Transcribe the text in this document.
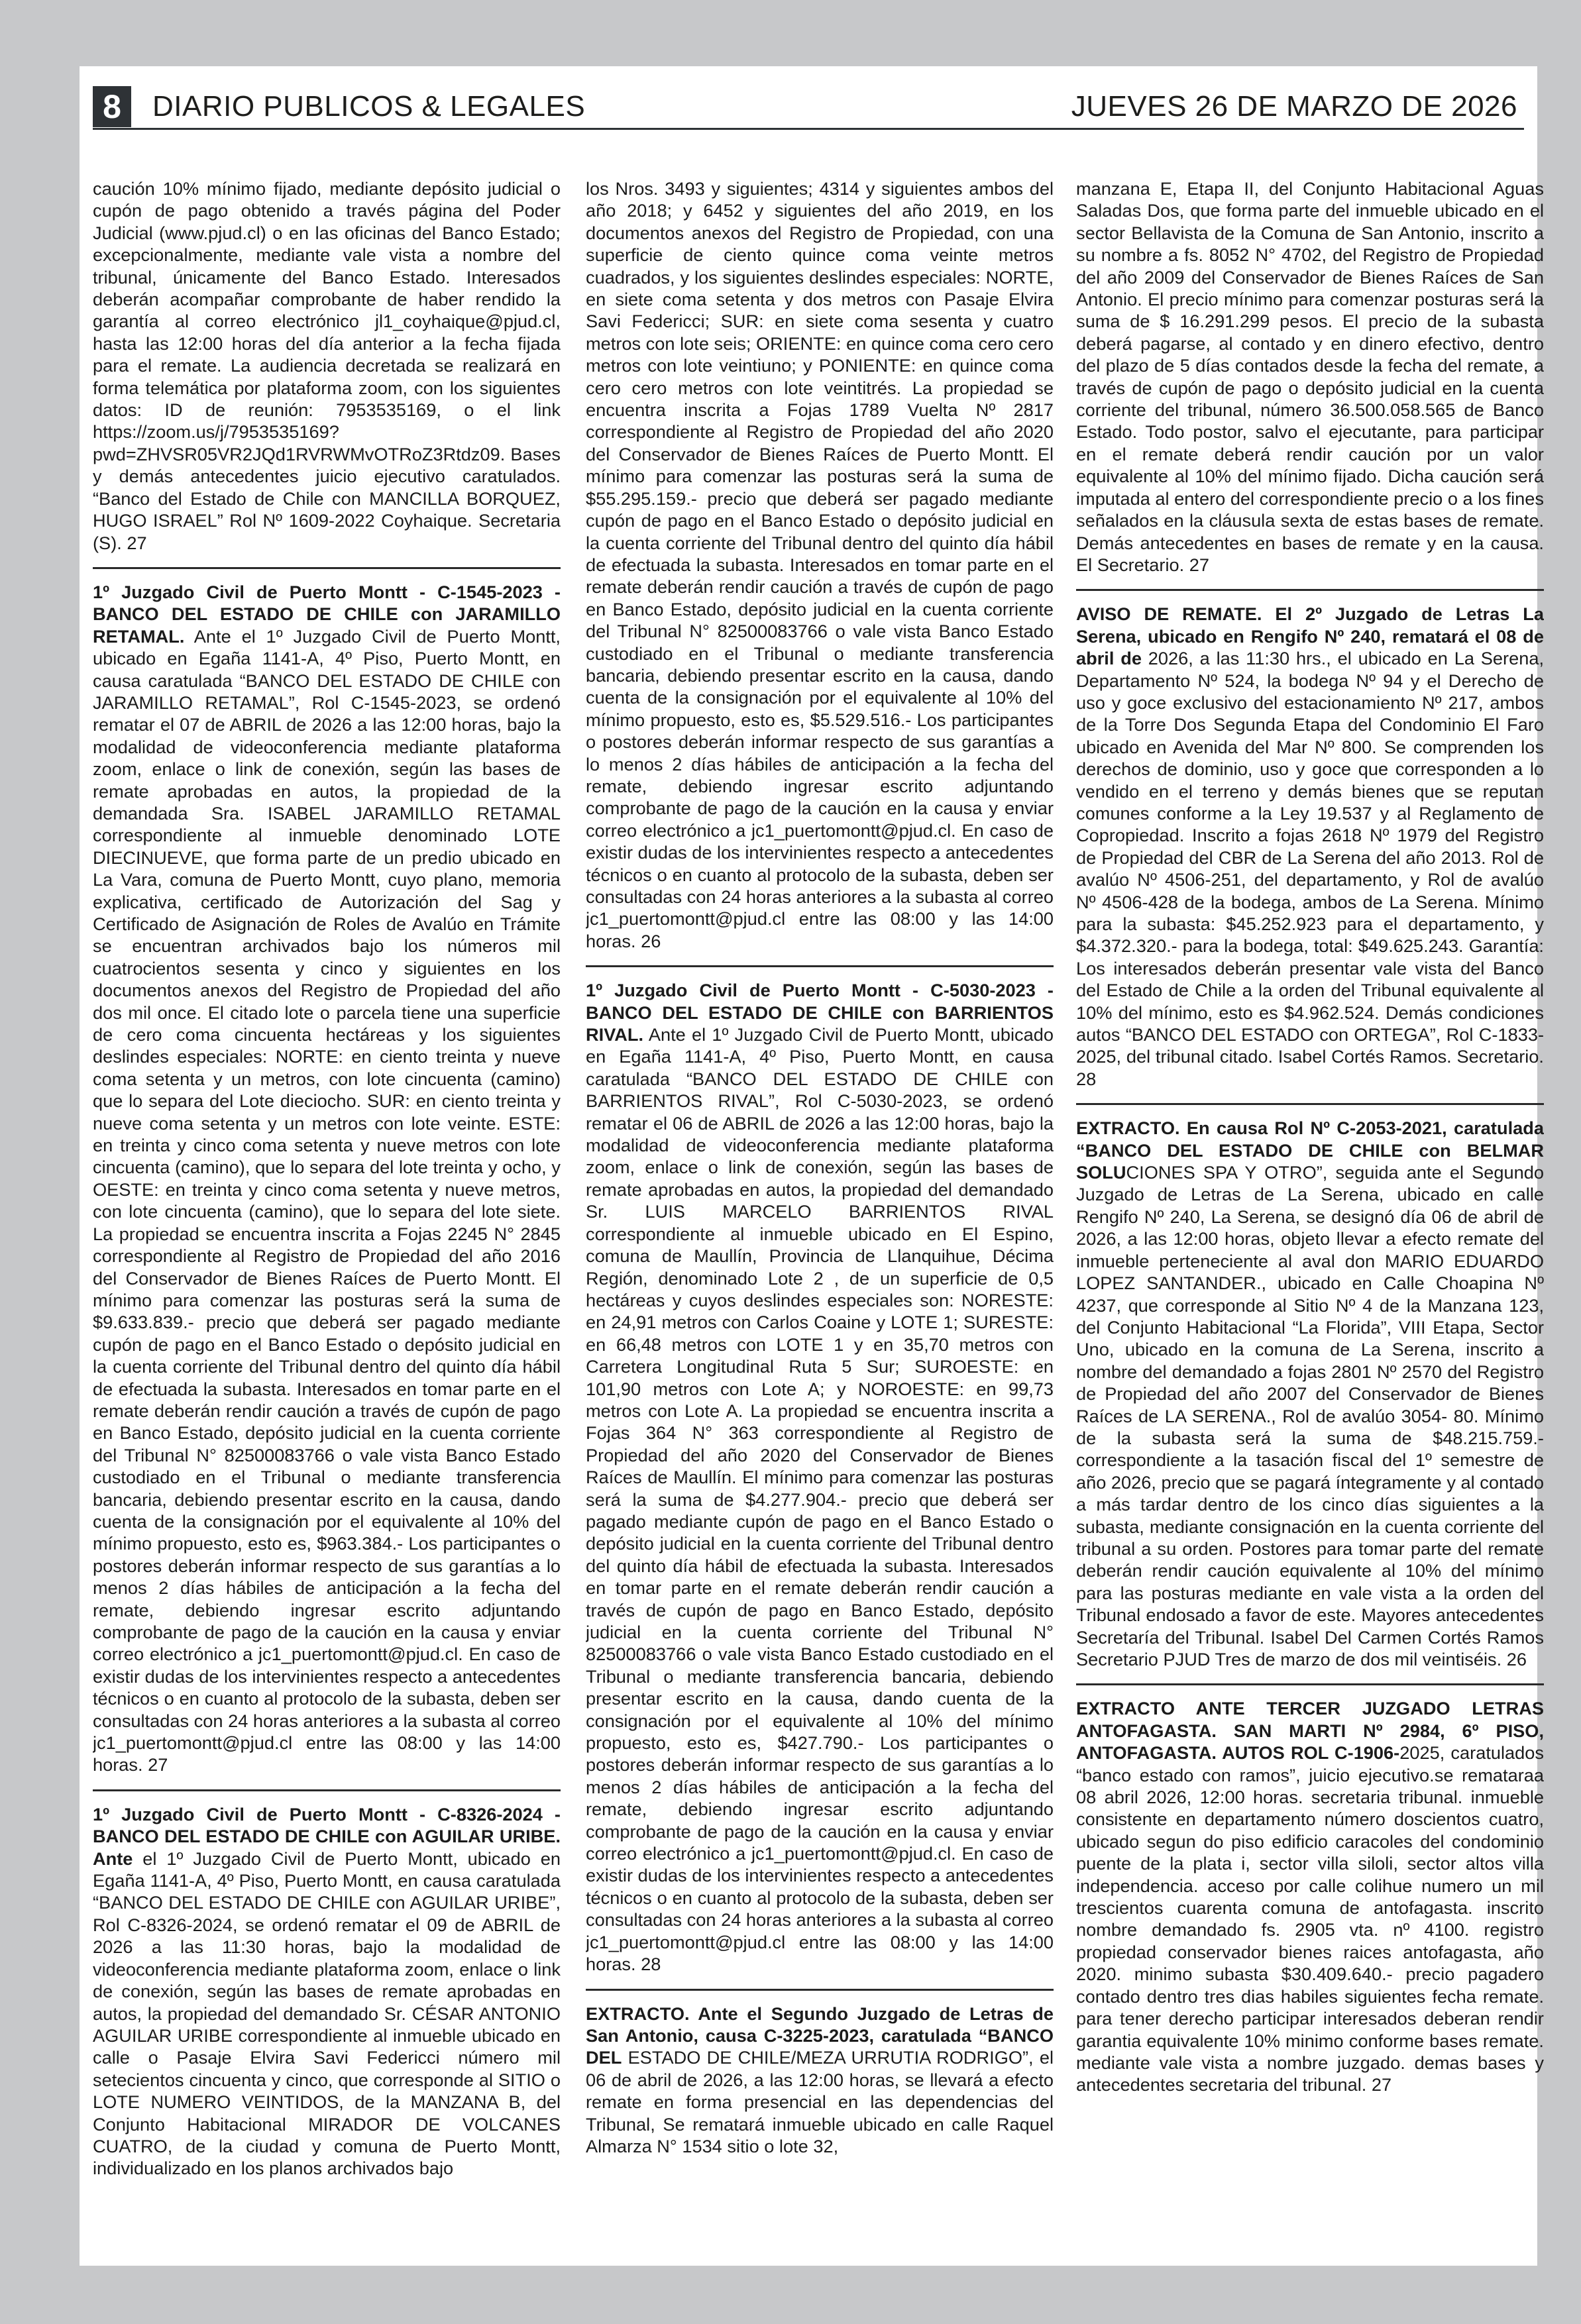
8	DIARIO PUBLICOS & LEGALES	JUEVES 26 DE MARZO DE 2026

caución 10% mínimo fijado, mediante depósito judicial o cupón de pago obtenido a través página del Poder Judicial (www.pjud.cl) o en las oficinas del Banco Estado; excepcionalmente, mediante vale vista a nombre del tribunal, únicamente del Banco Estado. Interesados deberán acompañar comprobante de haber rendido la garantía al correo electrónico jl1_coyhaique@pjud.cl, hasta las 12:00 horas del día anterior a la fecha fijada para el remate. La audiencia decretada se realizará en forma telemática por plataforma zoom, con los siguientes datos: ID de reunión: 7953535169, o el link https://zoom.us/j/7953535169?pwd=ZHVSR05VR2JQd1RVRWMvOTRoZ3Rtdz09. Bases y demás antecedentes juicio ejecutivo caratulados. “Banco del Estado de Chile con MANCILLA BORQUEZ, HUGO ISRAEL” Rol Nº 1609-2022 Coyhaique. Secretaria (S). 27

1º Juzgado Civil de Puerto Montt - C-1545-2023 - BANCO DEL ESTADO DE CHILE con JARAMILLO RETAMAL. Ante el 1º Juzgado Civil de Puerto Montt, ubicado en Egaña 1141-A, 4º Piso, Puerto Montt, en causa caratulada “BANCO DEL ESTADO DE CHILE con JARAMILLO RETAMAL”, Rol C-1545-2023, se ordenó rematar el 07 de ABRIL de 2026 a las 12:00 horas, bajo la modalidad de videoconferencia mediante plataforma zoom, enlace o link de conexión, según las bases de remate aprobadas en autos, la propiedad de la demandada Sra. ISABEL JARAMILLO RETAMAL correspondiente al inmueble denominado LOTE DIECINUEVE, que forma parte de un predio ubicado en La Vara, comuna de Puerto Montt, cuyo plano, memoria explicativa, certificado de Autorización del Sag y Certificado de Asignación de Roles de Avalúo en Trámite se encuentran archivados bajo los números mil cuatrocientos sesenta y cinco y siguientes en los documentos anexos del Registro de Propiedad del año dos mil once. El citado lote o parcela tiene una superficie de cero coma cincuenta hectáreas y los siguientes deslindes especiales: NORTE: en ciento treinta y nueve coma setenta y un metros, con lote cincuenta (camino) que lo separa del Lote dieciocho. SUR: en ciento treinta y nueve coma setenta y un metros con lote veinte. ESTE: en treinta y cinco coma setenta y nueve metros con lote cincuenta (camino), que lo separa del lote treinta y ocho, y OESTE: en treinta y cinco coma setenta y nueve metros, con lote cincuenta (camino), que lo separa del lote siete. La propiedad se encuentra inscrita a Fojas 2245 N° 2845 correspondiente al Registro de Propiedad del año 2016 del Conservador de Bienes Raíces de Puerto Montt. El mínimo para comenzar las posturas será la suma de $9.633.839.- precio que deberá ser pagado mediante cupón de pago en el Banco Estado o depósito judicial en la cuenta corriente del Tribunal dentro del quinto día hábil de efectuada la subasta. Interesados en tomar parte en el remate deberán rendir caución a través de cupón de pago en Banco Estado, depósito judicial en la cuenta corriente del Tribunal N° 82500083766 o vale vista Banco Estado custodiado en el Tribunal o mediante transferencia bancaria, debiendo presentar escrito en la causa, dando cuenta de la consignación por el equivalente al 10% del mínimo propuesto, esto es, $963.384.- Los participantes o postores deberán informar respecto de sus garantías a lo menos 2 días hábiles de anticipación a la fecha del remate, debiendo ingresar escrito adjuntando comprobante de pago de la caución en la causa y enviar correo electrónico a jc1_puertomontt@pjud.cl. En caso de existir dudas de los intervinientes respecto a antecedentes técnicos o en cuanto al protocolo de la subasta, deben ser consultadas con 24 horas anteriores a la subasta al correo jc1_puertomontt@pjud.cl entre las 08:00 y las 14:00 horas. 27

1º Juzgado Civil de Puerto Montt - C-8326-2024 - BANCO DEL ESTADO DE CHILE con AGUILAR URIBE. Ante el 1º Juzgado Civil de Puerto Montt, ubicado en Egaña 1141-A, 4º Piso, Puerto Montt, en causa caratulada “BANCO DEL ESTADO DE CHILE con AGUILAR URIBE”, Rol C-8326-2024, se ordenó rematar el 09 de ABRIL de 2026 a las 11:30 horas, bajo la modalidad de videoconferencia mediante plataforma zoom, enlace o link de conexión, según las bases de remate aprobadas en autos, la propiedad del demandado Sr. CÉSAR ANTONIO AGUILAR URIBE correspondiente al inmueble ubicado en calle o Pasaje Elvira Savi Federicci número mil setecientos cincuenta y cinco, que corresponde al SITIO o LOTE NUMERO VEINTIDOS, de la MANZANA B, del Conjunto Habitacional MIRADOR DE VOLCANES CUATRO, de la ciudad y comuna de Puerto Montt, individualizado en los planos archivados bajo

los Nros. 3493 y siguientes; 4314 y siguientes ambos del año 2018; y 6452 y siguientes del año 2019, en los documentos anexos del Registro de Propiedad, con una superficie de ciento quince coma veinte metros cuadrados, y los siguientes deslindes especiales: NORTE, en siete coma setenta y dos metros con Pasaje Elvira Savi Federicci; SUR: en siete coma sesenta y cuatro metros con lote seis; ORIENTE: en quince coma cero cero metros con lote veintiuno; y PONIENTE: en quince coma cero cero metros con lote veintitrés. La propiedad se encuentra inscrita a Fojas 1789 Vuelta Nº 2817 correspondiente al Registro de Propiedad del año 2020 del Conservador de Bienes Raíces de Puerto Montt. El mínimo para comenzar las posturas será la suma de $55.295.159.- precio que deberá ser pagado mediante cupón de pago en el Banco Estado o depósito judicial en la cuenta corriente del Tribunal dentro del quinto día hábil de efectuada la subasta. Interesados en tomar parte en el remate deberán rendir caución a través de cupón de pago en Banco Estado, depósito judicial en la cuenta corriente del Tribunal N° 82500083766 o vale vista Banco Estado custodiado en el Tribunal o mediante transferencia bancaria, debiendo presentar escrito en la causa, dando cuenta de la consignación por el equivalente al 10% del mínimo propuesto, esto es, $5.529.516.- Los participantes o postores deberán informar respecto de sus garantías a lo menos 2 días hábiles de anticipación a la fecha del remate, debiendo ingresar escrito adjuntando comprobante de pago de la caución en la causa y enviar correo electrónico a jc1_puertomontt@pjud.cl. En caso de existir dudas de los intervinientes respecto a antecedentes técnicos o en cuanto al protocolo de la subasta, deben ser consultadas con 24 horas anteriores a la subasta al correo jc1_puertomontt@pjud.cl entre las 08:00 y las 14:00 horas. 26

1º Juzgado Civil de Puerto Montt - C-5030-2023 - BANCO DEL ESTADO DE CHILE con BARRIENTOS RIVAL. Ante el 1º Juzgado Civil de Puerto Montt, ubicado en Egaña 1141-A, 4º Piso, Puerto Montt, en causa caratulada “BANCO DEL ESTADO DE CHILE con BARRIENTOS RIVAL”, Rol C-5030-2023, se ordenó rematar el 06 de ABRIL de 2026 a las 12:00 horas, bajo la modalidad de videoconferencia mediante plataforma zoom, enlace o link de conexión, según las bases de remate aprobadas en autos, la propiedad del demandado Sr. LUIS MARCELO BARRIENTOS RIVAL correspondiente al inmueble ubicado en El Espino, comuna de Maullín, Provincia de Llanquihue, Décima Región, denominado Lote 2 , de un superficie de 0,5 hectáreas y cuyos deslindes especiales son: NORESTE: en 24,91 metros con Carlos Coaine y LOTE 1; SURESTE: en 66,48 metros con LOTE 1 y en 35,70 metros con Carretera Longitudinal Ruta 5 Sur; SUROESTE: en 101,90 metros con Lote A; y NOROESTE: en 99,73 metros con Lote A. La propiedad se encuentra inscrita a Fojas 364 N° 363 correspondiente al Registro de Propiedad del año 2020 del Conservador de Bienes Raíces de Maullín. El mínimo para comenzar las posturas será la suma de $4.277.904.- precio que deberá ser pagado mediante cupón de pago en el Banco Estado o depósito judicial en la cuenta corriente del Tribunal dentro del quinto día hábil de efectuada la subasta. Interesados en tomar parte en el remate deberán rendir caución a través de cupón de pago en Banco Estado, depósito judicial en la cuenta corriente del Tribunal N° 82500083766 o vale vista Banco Estado custodiado en el Tribunal o mediante transferencia bancaria, debiendo presentar escrito en la causa, dando cuenta de la consignación por el equivalente al 10% del mínimo propuesto, esto es, $427.790.- Los participantes o postores deberán informar respecto de sus garantías a lo menos 2 días hábiles de anticipación a la fecha del remate, debiendo ingresar escrito adjuntando comprobante de pago de la caución en la causa y enviar correo electrónico a jc1_puertomontt@pjud.cl. En caso de existir dudas de los intervinientes respecto a antecedentes técnicos o en cuanto al protocolo de la subasta, deben ser consultadas con 24 horas anteriores a la subasta al correo jc1_puertomontt@pjud.cl entre las 08:00 y las 14:00 horas. 28

EXTRACTO. Ante el Segundo Juzgado de Letras de San Antonio, causa C-3225-2023, caratulada “BANCO DEL ESTADO DE CHILE/MEZA URRUTIA RODRIGO”, el 06 de abril de 2026, a las 12:00 horas, se llevará a efecto remate en forma presencial en las dependencias del Tribunal, Se rematará inmueble ubicado en calle Raquel Almarza N° 1534 sitio o lote 32,

manzana E, Etapa II, del Conjunto Habitacional Aguas Saladas Dos, que forma parte del inmueble ubicado en el sector Bellavista de la Comuna de San Antonio, inscrito a su nombre a fs. 8052 N° 4702, del Registro de Propiedad del año 2009 del Conservador de Bienes Raíces de San Antonio. El precio mínimo para comenzar posturas será la suma de $ 16.291.299 pesos. El precio de la subasta deberá pagarse, al contado y en dinero efectivo, dentro del plazo de 5 días contados desde la fecha del remate, a través de cupón de pago o depósito judicial en la cuenta corriente del tribunal, número 36.500.058.565 de Banco Estado. Todo postor, salvo el ejecutante, para participar en el remate deberá rendir caución por un valor equivalente al 10% del mínimo fijado. Dicha caución será imputada al entero del correspondiente precio o a los fines señalados en la cláusula sexta de estas bases de remate. Demás antecedentes en bases de remate y en la causa. El Secretario. 27

AVISO DE REMATE. El 2º Juzgado de Letras La Serena, ubicado en Rengifo Nº 240, rematará el 08 de abril de 2026, a las 11:30 hrs., el ubicado en La Serena, Departamento Nº 524, la bodega Nº 94 y el Derecho de uso y goce exclusivo del estacionamiento Nº 217, ambos de la Torre Dos Segunda Etapa del Condominio El Faro ubicado en Avenida del Mar Nº 800. Se comprenden los derechos de dominio, uso y goce que corresponden a lo vendido en el terreno y demás bienes que se reputan comunes conforme a la Ley 19.537 y al Reglamento de Copropiedad. Inscrito a fojas 2618 Nº 1979 del Registro de Propiedad del CBR de La Serena del año 2013. Rol de avalúo Nº 4506-251, del departamento, y Rol de avalúo Nº 4506-428 de la bodega, ambos de La Serena. Mínimo para la subasta: $45.252.923 para el departamento, y $4.372.320.- para la bodega, total: $49.625.243. Garantía: Los interesados deberán presentar vale vista del Banco del Estado de Chile a la orden del Tribunal equivalente al 10% del mínimo, esto es $4.962.524. Demás condiciones autos “BANCO DEL ESTADO con ORTEGA”, Rol C-1833-2025, del tribunal citado. Isabel Cortés Ramos. Secretario. 28

EXTRACTO. En causa Rol Nº C-2053-2021, caratulada “BANCO DEL ESTADO DE CHILE con BELMAR SOLUCIONES SPA Y OTRO”, seguida ante el Segundo Juzgado de Letras de La Serena, ubicado en calle Rengifo Nº 240, La Serena, se designó día 06 de abril de 2026, a las 12:00 horas, objeto llevar a efecto remate del inmueble perteneciente al aval don MARIO EDUARDO LOPEZ SANTANDER., ubicado en Calle Choapina Nº 4237, que corresponde al Sitio Nº 4 de la Manzana 123, del Conjunto Habitacional “La Florida”, VIII Etapa, Sector Uno, ubicado en la comuna de La Serena, inscrito a nombre del demandado a fojas 2801 Nº 2570 del Registro de Propiedad del año 2007 del Conservador de Bienes Raíces de LA SERENA., Rol de avalúo 3054- 80. Mínimo de la subasta será la suma de $48.215.759.- correspondiente a la tasación fiscal del 1º semestre de año 2026, precio que se pagará íntegramente y al contado a más tardar dentro de los cinco días siguientes a la subasta, mediante consignación en la cuenta corriente del tribunal a su orden. Postores para tomar parte del remate deberán rendir caución equivalente al 10% del mínimo para las posturas mediante en vale vista a la orden del Tribunal endosado a favor de este. Mayores antecedentes Secretaría del Tribunal. Isabel Del Carmen Cortés Ramos Secretario PJUD Tres de marzo de dos mil veintiséis. 26

EXTRACTO ANTE TERCER JUZGADO LETRAS ANTOFAGASTA. SAN MARTI Nº 2984, 6º PISO, ANTOFAGASTA. AUTOS ROL C-1906-2025, caratulados “banco estado con ramos”, juicio ejecutivo.se remataraa 08 abril 2026, 12:00 horas. secretaria tribunal. inmueble consistente en departamento número doscientos cuatro, ubicado segun do piso edificio caracoles del condominio puente de la plata i, sector villa siloli, sector altos villa independencia. acceso por calle colihue numero un mil trescientos cuarenta comuna de antofagasta. inscrito nombre demandado fs. 2905 vta. nº 4100. registro propiedad conservador bienes raices antofagasta, año 2020. minimo subasta $30.409.640.- precio pagadero contado dentro tres dias habiles siguientes fecha remate. para tener derecho participar interesados deberan rendir garantia equivalente 10% minimo conforme bases remate. mediante vale vista a nombre juzgado. demas bases y antecedentes secretaria del tribunal. 27
